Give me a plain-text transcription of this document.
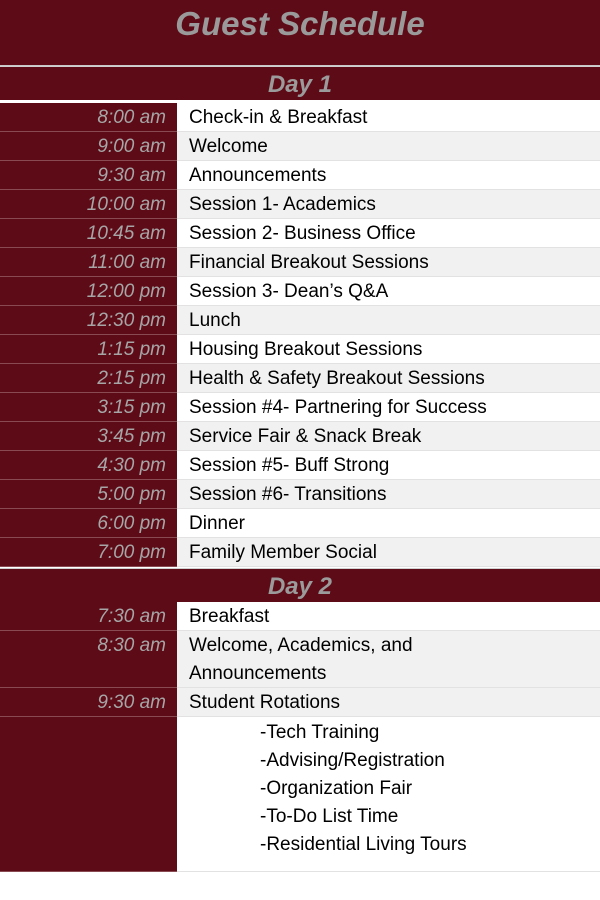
Guest Schedule
Day 1
8:00 am Check-in & Breakfast
9:00 am Welcome
9:30 am Announcements
10:00 am Session 1- Academics
10:45 am Session 2- Business Office
11:00 am Financial Breakout Sessions
12:00 pm Session 3- Dean’s Q&A
12:30 pm Lunch
1:15 pm Housing Breakout Sessions
2:15 pm Health & Safety Breakout Sessions
3:15 pm Session #4- Partnering for Success
3:45 pm Service Fair & Snack Break
4:30 pm Session #5- Buff Strong
5:00 pm Session #6- Transitions
6:00 pm Dinner
7:00 pm Family Member Social
Day 2
7:30 am Breakfast
8:30 am Welcome, Academics, and
Announcements
9:30 am Student Rotations
-Tech Training
-Advising/Registration
-Organization Fair
-To-Do List Time
-Residential Living Tours
